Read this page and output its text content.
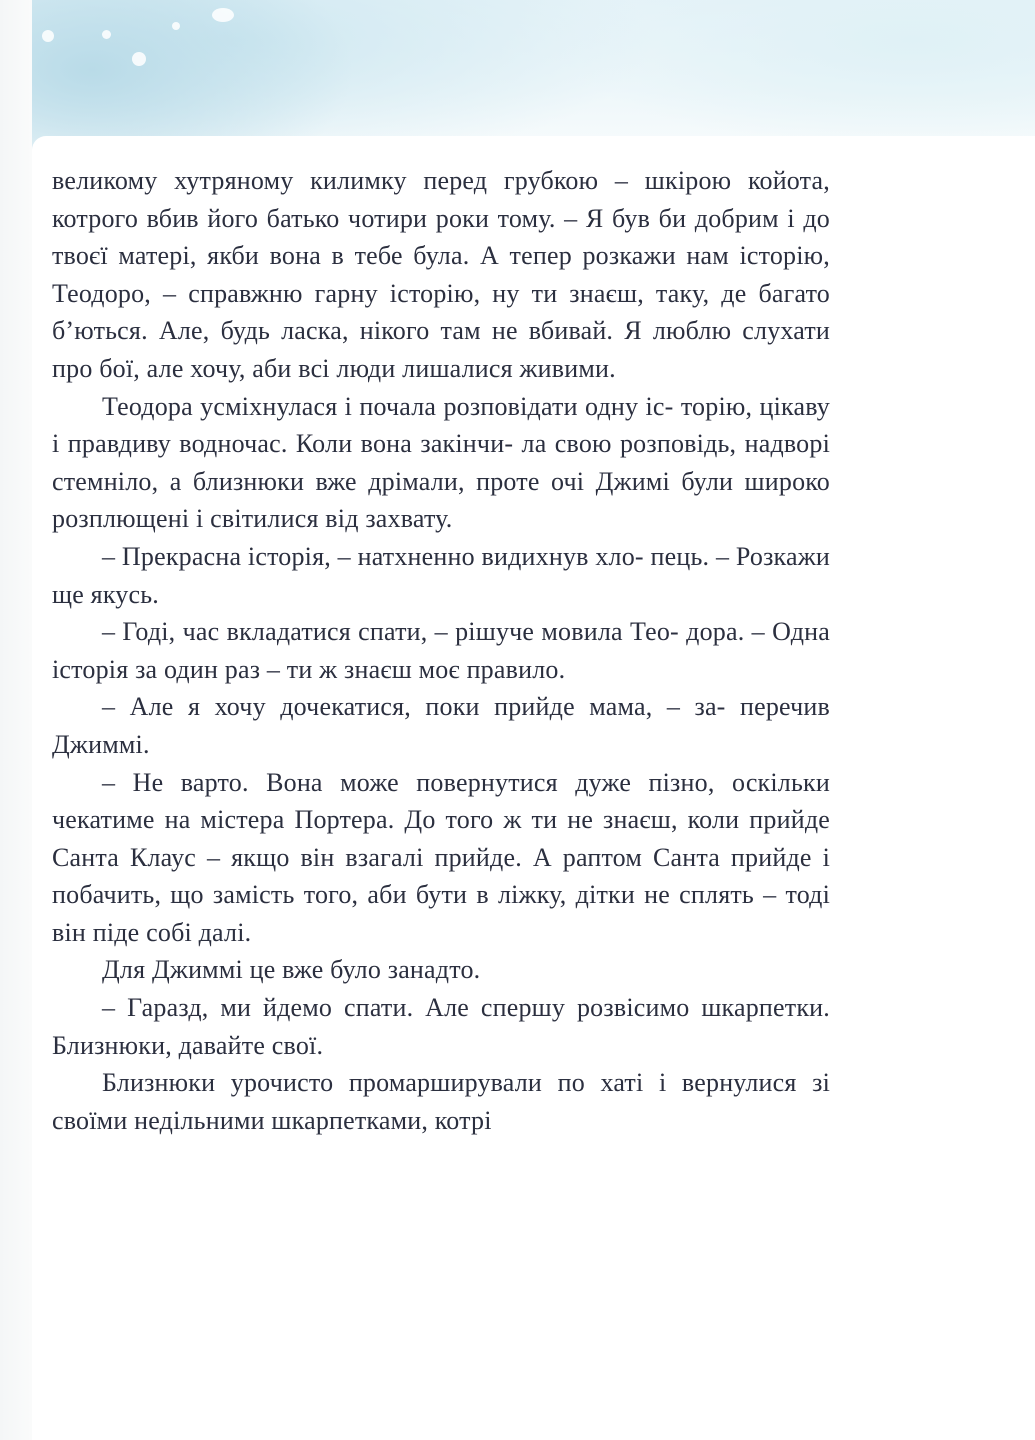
великому хутряному килимку перед грубкою – шкірою койота, котрого вбив його батько чотири роки тому. – Я був би добрим і до твоєї матері, якби вона в тебе була. А тепер розкажи нам історію, Теодоро, – справжню гарну історію, ну ти знаєш, таку, де багато б’ються. Але, будь ласка, нікого там не вбивай. Я люблю слухати про бої, але хочу, аби всі люди лишалися живими.

Теодора усміхнулася і почала розповідати одну іс- торію, цікаву і правдиву водночас. Коли вона закінчи- ла свою розповідь, надворі стемніло, а близнюки вже дрімали, проте очі Джимі були широко розплющені і світилися від захвату.

– Прекрасна історія, – натхненно видихнув хло- пець. – Розкажи ще якусь.

– Годі, час вкладатися спати, – рішуче мовила Тео- дора. – Одна історія за один раз – ти ж знаєш моє правило.

– Але я хочу дочекатися, поки прийде мама, – за- перечив Джиммі.

– Не варто. Вона може повернутися дуже пізно, оскільки чекатиме на містера Портера. До того ж ти не знаєш, коли прийде Санта Клаус – якщо він взагалі прийде. А раптом Санта прийде і побачить, що замість того, аби бути в ліжку, дітки не сплять – тоді він піде собі далі.

Для Джиммі це вже було занадто.

– Гаразд, ми йдемо спати. Але спершу розвісимо шкарпетки. Близнюки, давайте свої.

Близнюки урочисто промарширували по хаті і вернулися зі своїми недільними шкарпетками, котрі
